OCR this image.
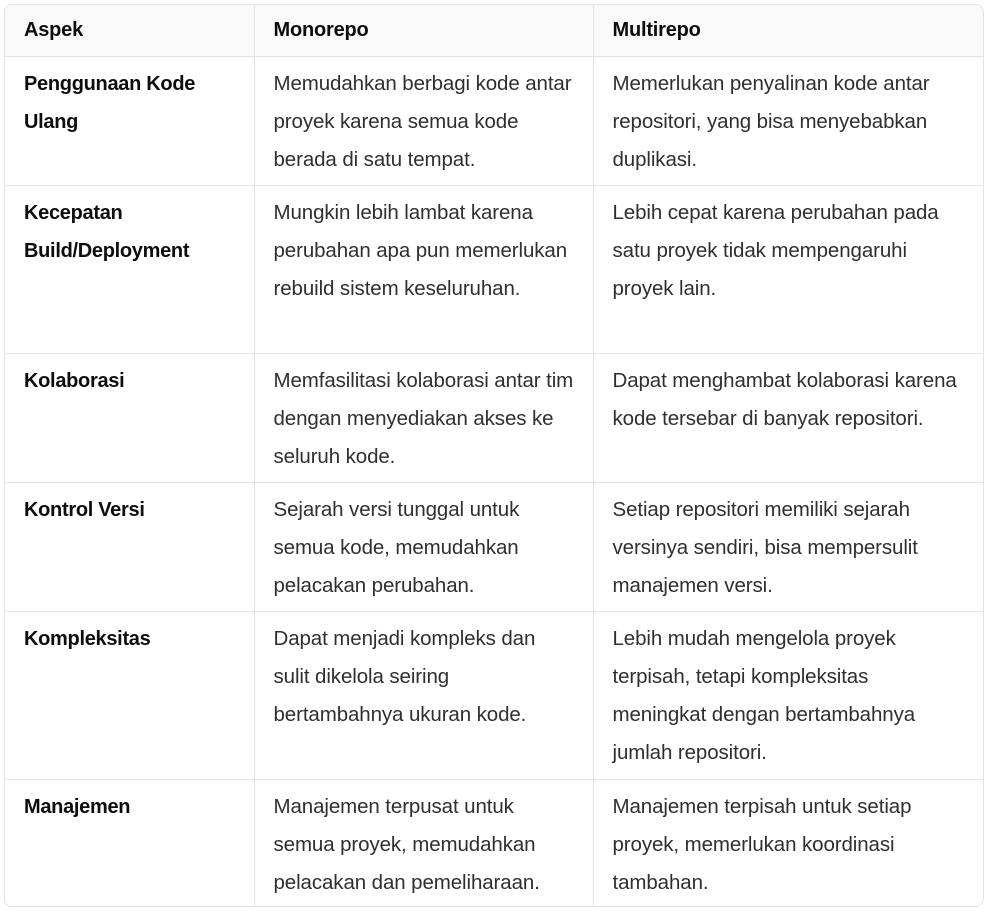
Aspek	Monorepo	Multirepo
Penggunaan Kode Ulang	Memudahkan berbagi kode antar proyek karena semua kode berada di satu tempat.	Memerlukan penyalinan kode antar repositori, yang bisa menyebabkan duplikasi.
Kecepatan Build/Deployment	Mungkin lebih lambat karena perubahan apa pun memerlukan rebuild sistem keseluruhan.	Lebih cepat karena perubahan pada satu proyek tidak mempengaruhi proyek lain.
Kolaborasi	Memfasilitasi kolaborasi antar tim dengan menyediakan akses ke seluruh kode.	Dapat menghambat kolaborasi karena kode tersebar di banyak repositori.
Kontrol Versi	Sejarah versi tunggal untuk semua kode, memudahkan pelacakan perubahan.	Setiap repositori memiliki sejarah versinya sendiri, bisa mempersulit manajemen versi.
Kompleksitas	Dapat menjadi kompleks dan sulit dikelola seiring bertambahnya ukuran kode.	Lebih mudah mengelola proyek terpisah, tetapi kompleksitas meningkat dengan bertambahnya jumlah repositori.
Manajemen	Manajemen terpusat untuk semua proyek, memudahkan pelacakan dan pemeliharaan.	Manajemen terpisah untuk setiap proyek, memerlukan koordinasi tambahan.
